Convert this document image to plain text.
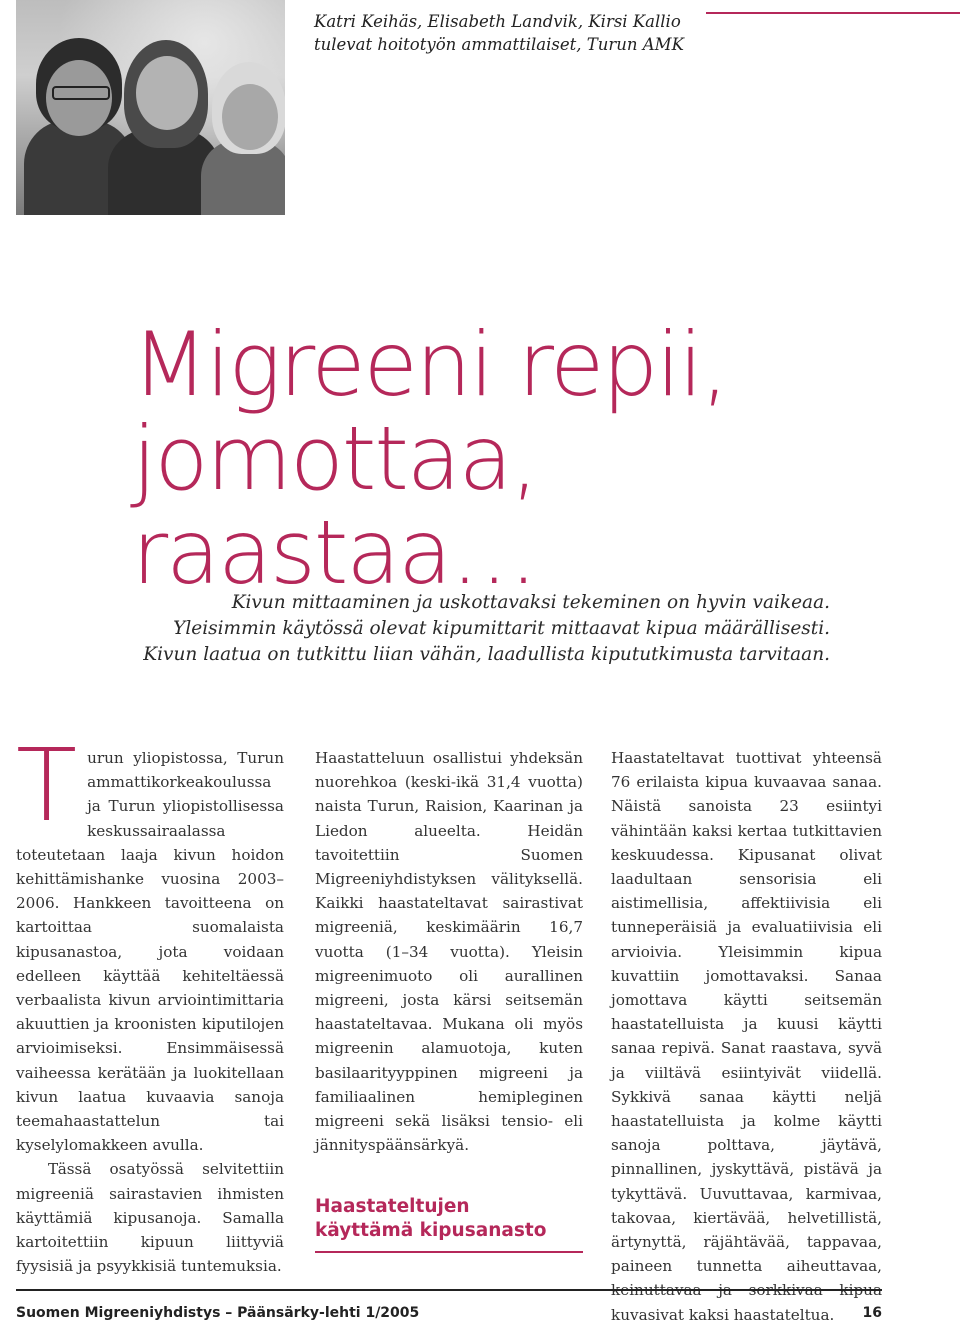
Katri Keihäs, Elisabeth Landvik, Kirsi Kallio
tulevat hoitotyön ammattilaiset, Turun AMK
Migreeni repii,
jomottaa, raastaa…
Kivun mittaaminen ja uskottavaksi tekeminen on hyvin vaikeaa.
Yleisimmin käytössä olevat kipumittarit mittaavat kipua määrällisesti.
Kivun laatua on tutkittu liian vähän, laadullista kipututkimusta tarvitaan.

Turun yliopistossa, Turun ammattikorkeakoulussa ja Turun yliopistollisessa keskussairaalassa toteutetaan laaja kivun hoidon kehittämishanke vuosina 2003–2006. Hankkeen tavoitteena on kartoittaa suomalaista kipusanastoa, jota voidaan edelleen käyttää kehiteltäessä verbaalista kivun arviointimittaria akuuttien ja kroonisten kiputilojen arvioimiseksi. Ensimmäisessä vaiheessa kerätään ja luokitellaan kivun laatua kuvaavia sanoja teemahaastattelun tai kyselylomakkeen avulla.

Tässä osatyössä selvitettiin migreeniä sairastavien ihmisten käyttämiä kipusanoja. Samalla kartoitettiin kipuun liittyviä fyysisiä ja psyykkisiä tuntemuksia.

Haastatteluun osallistui yhdeksän nuorehkoa (keski-ikä 31,4 vuotta) naista Turun, Raision, Kaarinan ja Liedon alueelta. Heidän tavoitettiin Suomen Migreeniyhdistyksen välityksellä. Kaikki haastateltavat sairastivat migreeniä, keskimäärin 16,7 vuotta (1–34 vuotta). Yleisin migreenimuoto oli aurallinen migreeni, josta kärsi seitsemän haastateltavaa. Mukana oli myös migreenin alamuotoja, kuten basilaarityyppinen migreeni ja familiaalinen hemipleginen migreeni sekä lisäksi tensio- eli jännityspäänsärkyä.

Haastateltujen
käyttämä kipusanasto

Haastateltavat tuottivat yhteensä 76 erilaista kipua kuvaavaa sanaa. Näistä sanoista 23 esiintyi vähintään kaksi kertaa tutkittavien keskuudessa. Kipusanat olivat laadultaan sensorisia eli aistimellisia, affektiivisia eli tunneperäisiä ja evaluatiivisia eli arvioivia. Yleisimmin kipua kuvattiin jomottavaksi. Sanaa jomottava käytti seitsemän haastatelluista ja kuusi käytti sanaa repivä. Sanat raastava, syvä ja viiltävä esiintyivät viidellä. Sykkivä sanaa käytti neljä haastatelluista ja kolme käytti sanoja polttava, jäytävä, pinnallinen, jyskyttävä, pistävä ja tykyttävä. Uuvuttavaa, karmivaa, takovaa, kiertävää, helvetillistä, ärtynyttä, räjähtävää, tappavaa, paineen tunnetta aiheuttavaa, kuvasivat kaksi haastateltua.

Suomen Migreeniyhdistys – Päänsärky-lehti 1/2005	16
